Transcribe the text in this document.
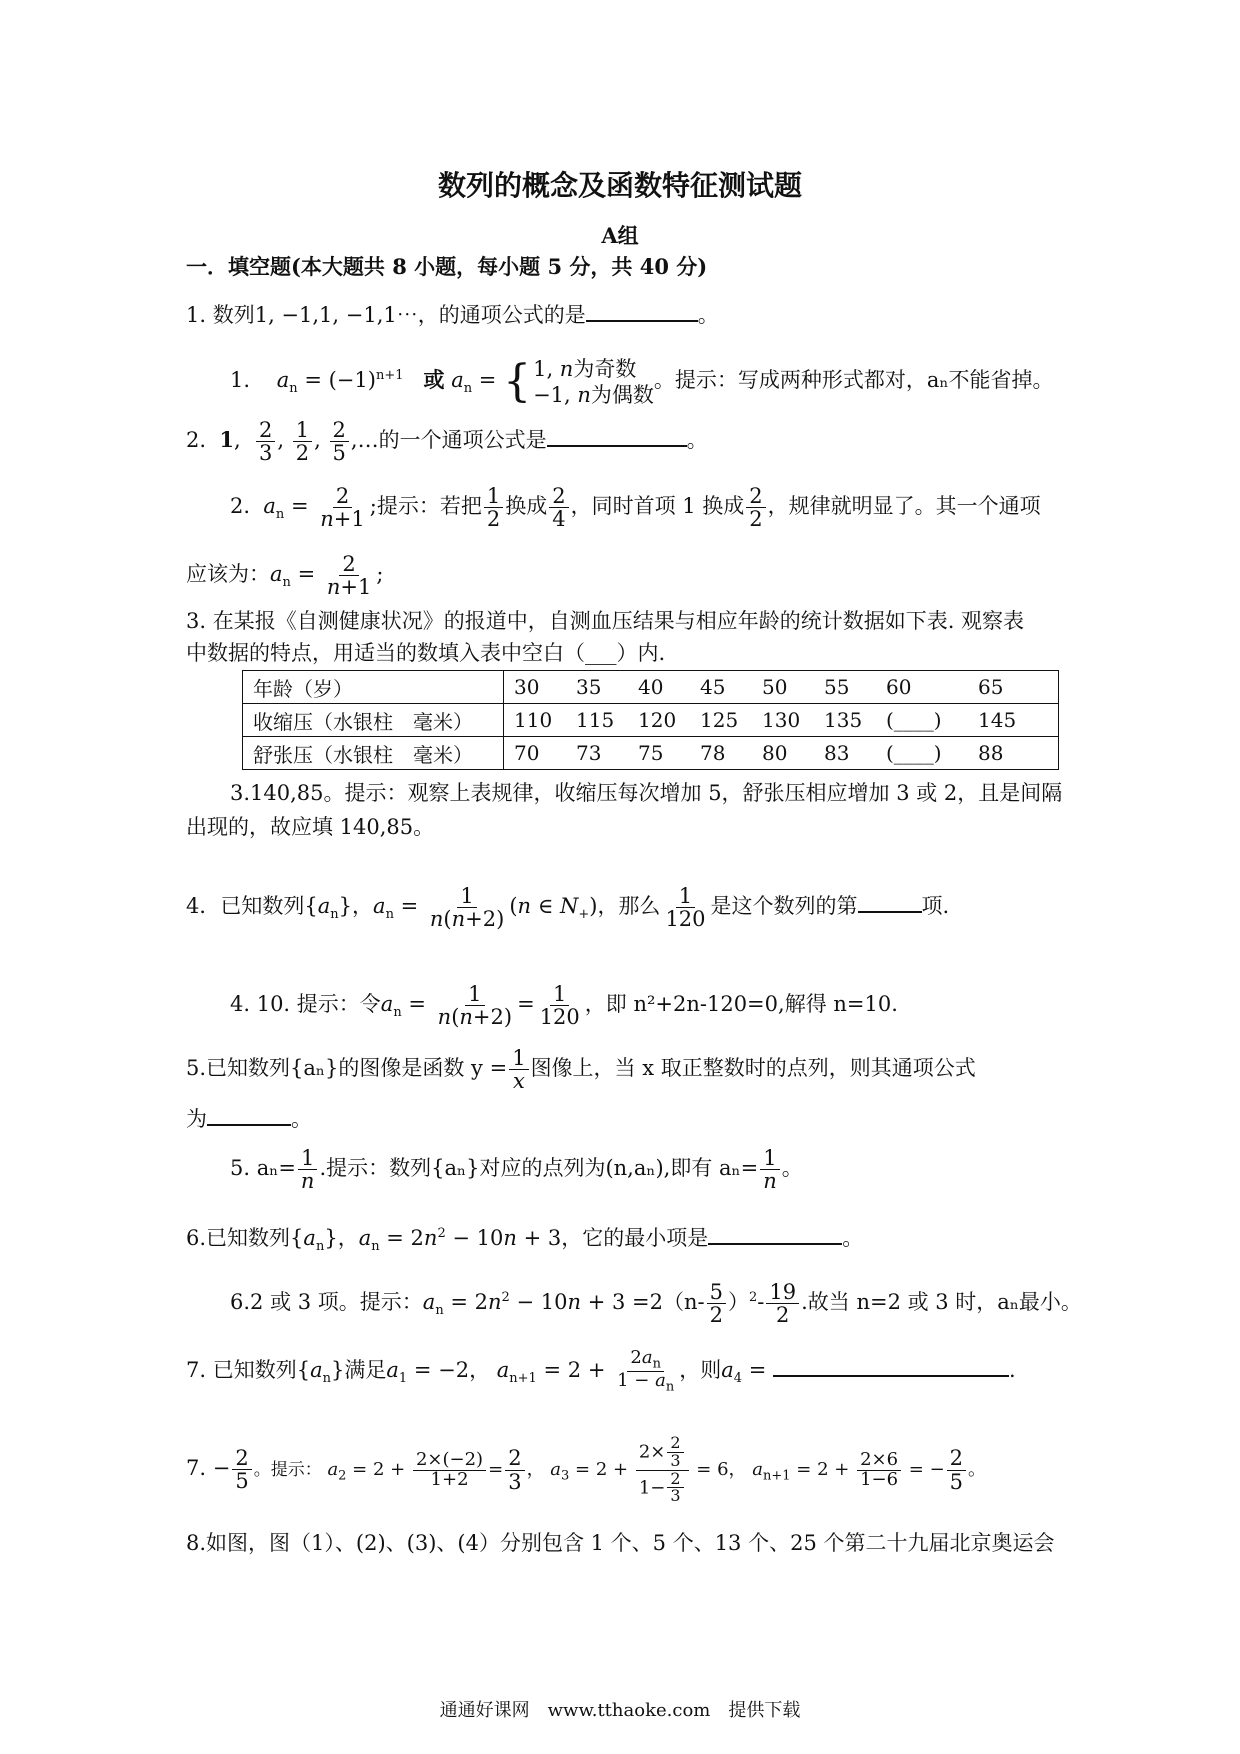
数列的概念及函数特征测试题
A组
一．填空题(本大题共 8 小题，每小题 5 分，共 40 分)
1. 数列1, −1,1, −1,1⋯，的通项公式的是	。
1. $a_n = (-1)^{n+1}$ 或 $a_n$ = { 1, n为奇数
−1, n为偶数
。提示：写成两种形式都对，aₙ不能省掉。
2.  1, $\frac{2}{3}$ , $\frac{1}{2}$ , $\frac{2}{5}$ ,…的一个通项公式是	。
2.  $a_n = \frac{2}{n+1}$ ;提示：若把 $\frac{1}{2}$ 换成 $\frac{2}{4}$ ，同时首项 1 换成 $\frac{2}{2}$ ，规律就明显了。其一个通项
应该为：$a_n = \frac{2}{n+1}$ ;
3. 在某报《自测健康状况》的报道中，自测血压结果与相应年龄的统计数据如下表. 观察表
中数据的特点，用适当的数填入表中空白（___）内.
年龄（岁）	30 35 40 45 50 55 60 65
收缩压（水银柱　毫米）	110 115 120 125 130 135 (____) 145
舒张压（水银柱　毫米）	70 73 75 78 80 83 (____) 88
3.140,85。提示：观察上表规律，收缩压每次增加 5，舒张压相应增加 3 或 2，且是间隔
出现的，故应填 140,85。
4．已知数列$\{a_n\}$，$a_n = \frac{1}{n(n+2)} (n$ ∈ $N_+$)，那么 $\frac{1}{120}$ 是这个数列的第	项.
4. 10. 提示：令$a_n = \frac{1}{n(n+2)} = \frac{1}{120}$ ，即 n²+2n-120=0,解得 n=10.
5.已知数列{aₙ}的图像是函数 $y = \frac{1}{x}$ 图像上，当 x 取正整数时的点列，则其通项公式
为	。
5. $a_n= \frac{1}{n}$ .提示：数列{aₙ}对应的点列为(n,aₙ),即有 $a_n= \frac{1}{n}$ 。
6.已知数列$\{a_n\}$，$a_n = 2n^2 - 10n + 3$，它的最小项是	。
6.2 或 3 项。提示：$a_n = 2n^2 - 10n + 3 =2(n- \frac{5}{2} )^2- \frac{19}{2}$ .故当 n=2 或 3 时，aₙ最小。
7. 已知数列$\{a_n\}$满足$a_1 = -2$， $a_{n+1} = 2 + \frac{2a_n}{1 - a_n}$ ，则$a_4$ =	.
7. − $\frac{2}{5}$ 。提示： $a_2 = 2 + \frac{2\times(-2)}{1+2} = \frac{2}{3}$ ， $a_3 = 2 + \frac{2\times \frac{2}{3}}{1- \frac{2}{3}} = 6$， $a_{n+1} = 2 + \frac{2\times 6}{1-6}$ = − $\frac{2}{5}$ 。
8.如图，图（1）、(2)、(3)、(4）分别包含 1 个、5 个、13 个、25 个第二十九届北京奥运会
通通好课网　www.tthaoke.com　提供下载
